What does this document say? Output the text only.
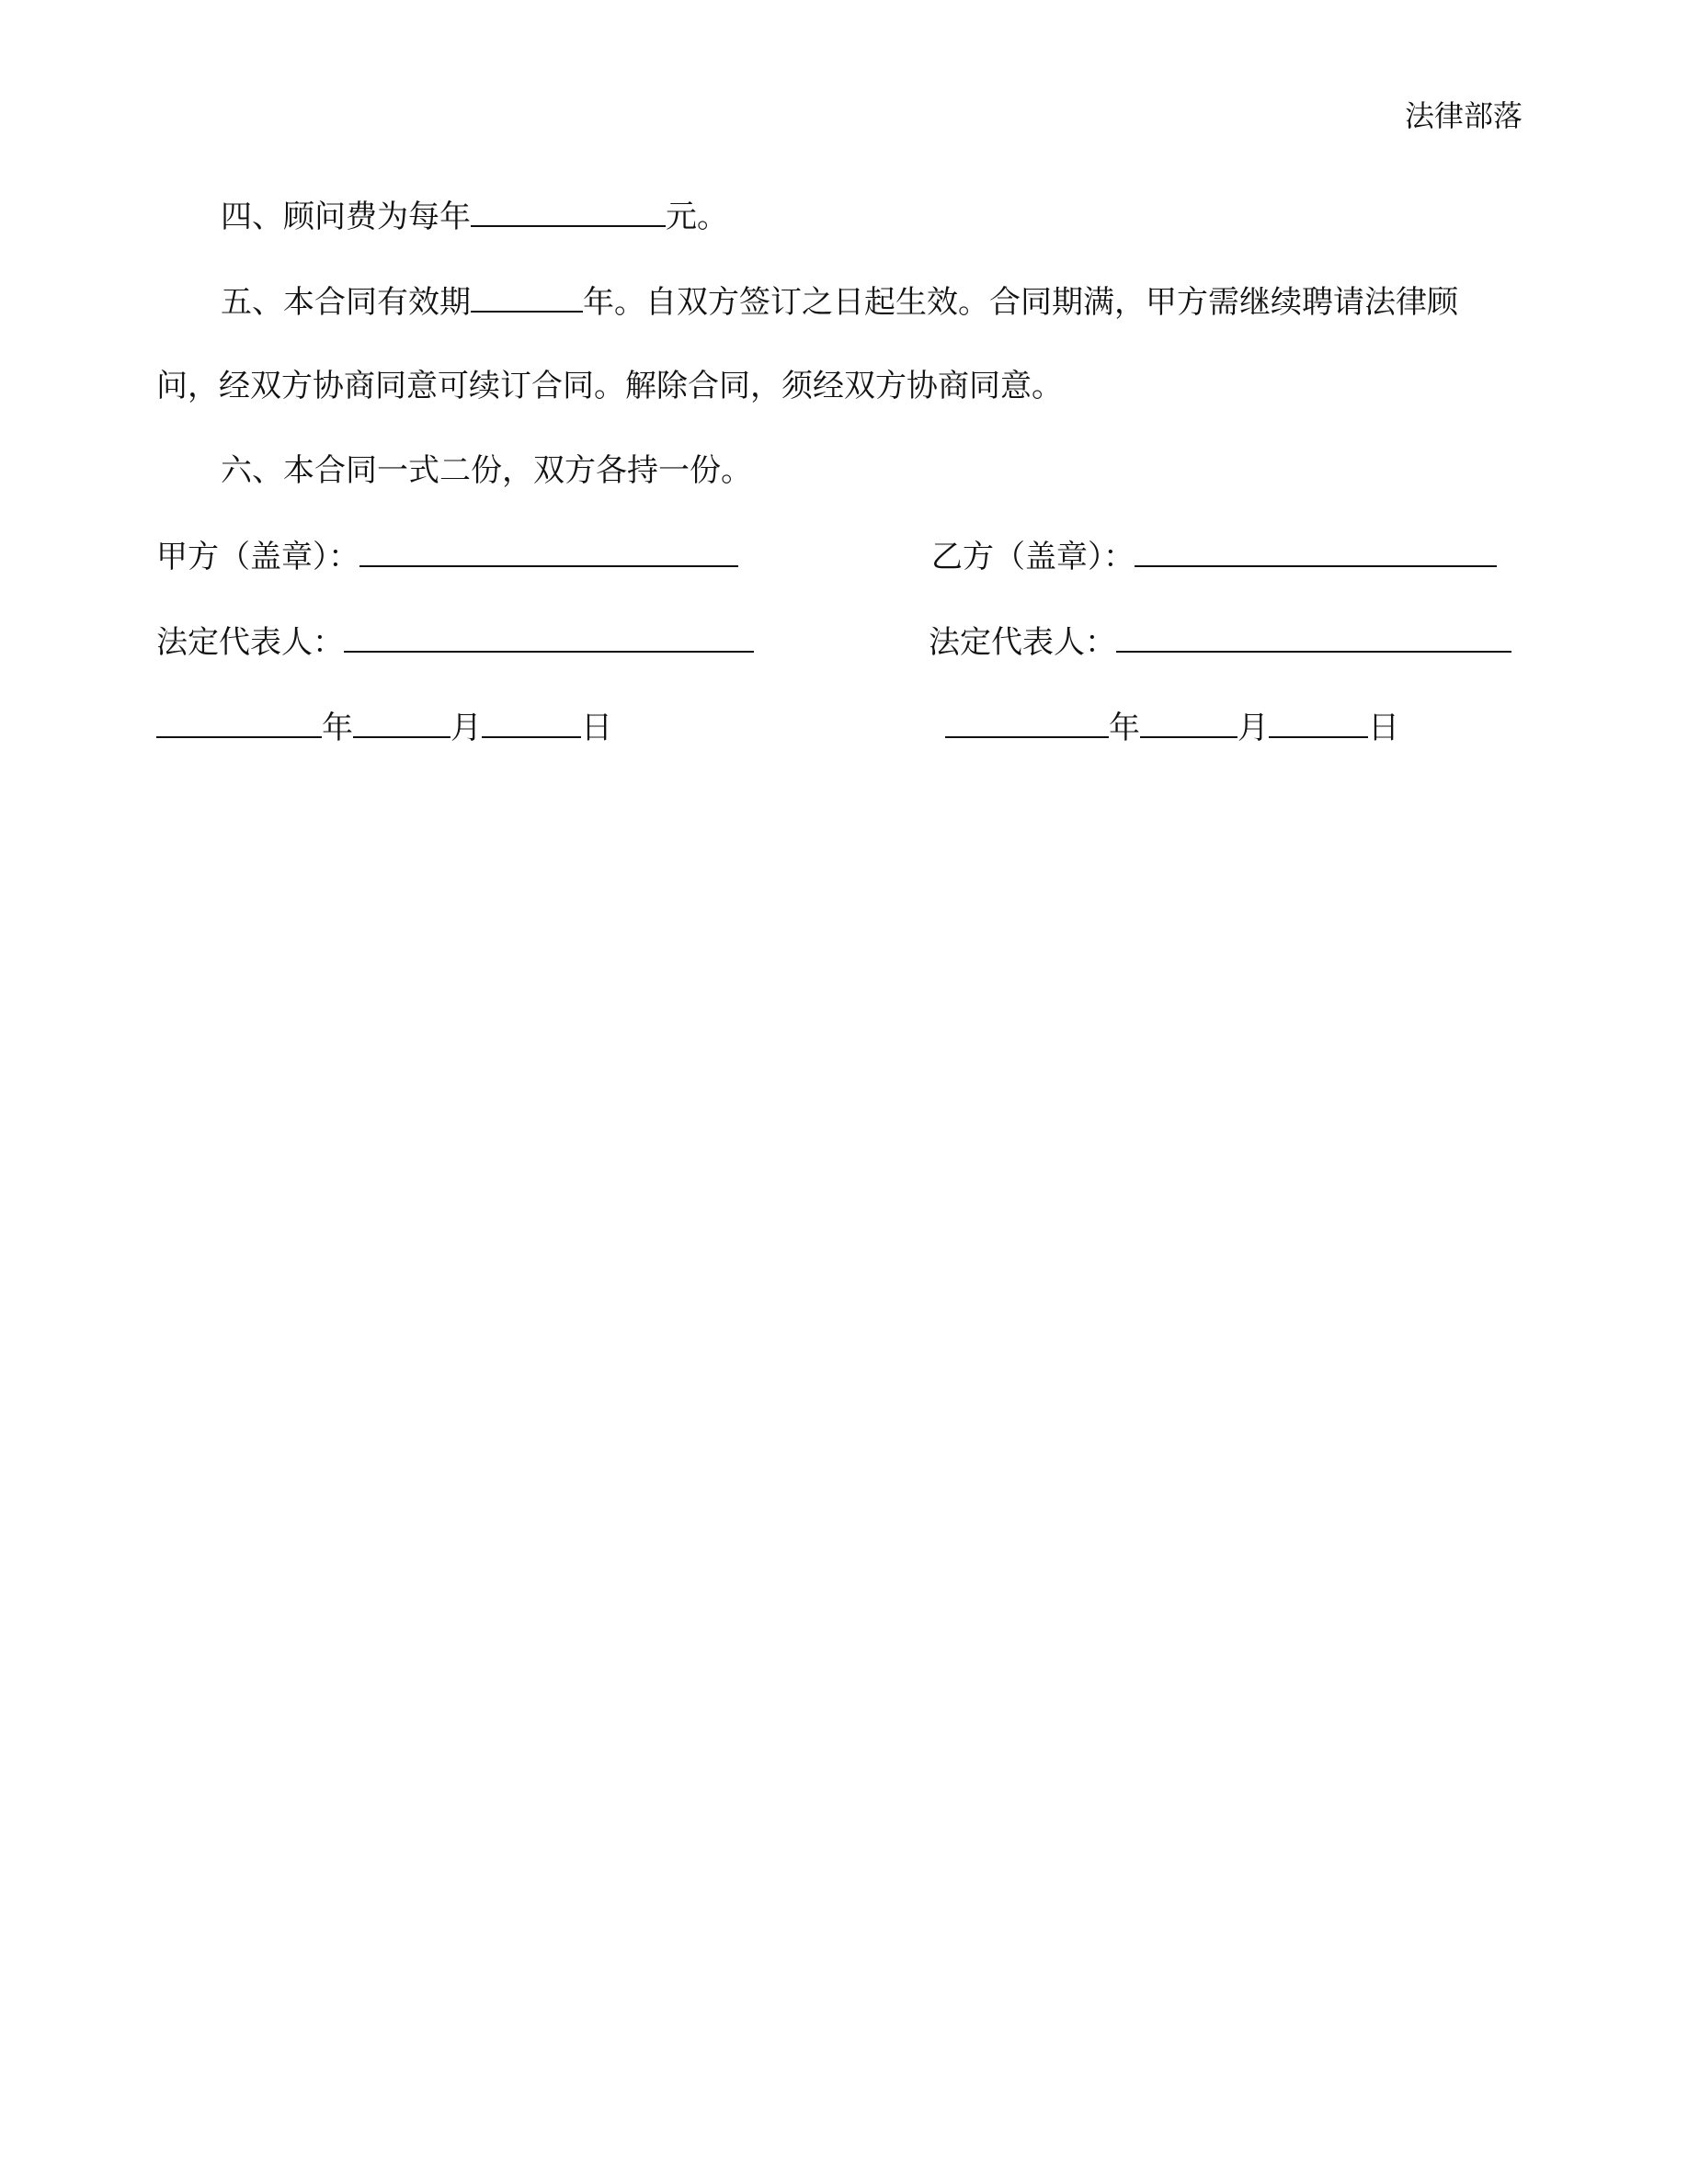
法律部落
四、顾问费为每年	元。
五、本合同有效期	年。自双方签订之日起生效。合同期满，甲方需继续聘请法律顾
问，经双方协商同意可续订合同。解除合同，须经双方协商同意。
六、本合同一式二份，双方各持一份。
甲方（盖章）：	乙方（盖章）：
法定代表人：	法定代表人：
年	月	日	年	月	日
